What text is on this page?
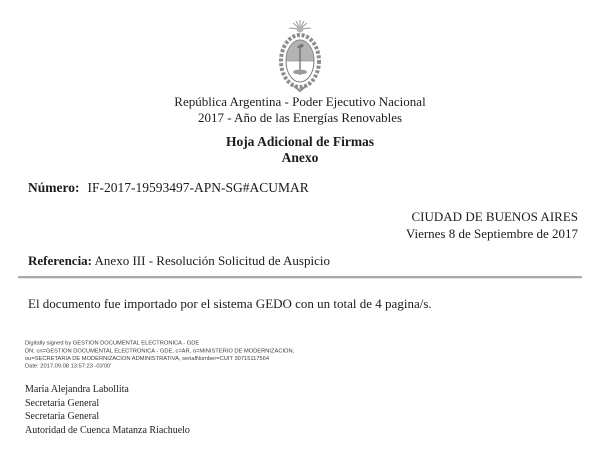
República Argentina - Poder Ejecutivo Nacional
2017 - Año de las Energías Renovables
Hoja Adicional de Firmas
Anexo
Número: IF-2017-19593497-APN-SG#ACUMAR
CIUDAD DE BUENOS AIRES
Viernes 8 de Septiembre de 2017
Referencia: Anexo III - Resolución Solicitud de Auspicio
El documento fue importado por el sistema GEDO con un total de 4 pagina/s.
Digitally signed by GESTION DOCUMENTAL ELECTRONICA - GDE
DN: cn=GESTION DOCUMENTAL ELECTRONICA - GDE, c=AR, o=MINISTERIO DE MODERNIZACION,
ou=SECRETARIA DE MODERNIZACION ADMINISTRATIVA, serialNumber=CUIT 30715117564
Date: 2017.09.08 13:57:23 -03'00'
Maria Alejandra Labollita
Secretaria General
Secretaria General
Autoridad de Cuenca Matanza Riachuelo
